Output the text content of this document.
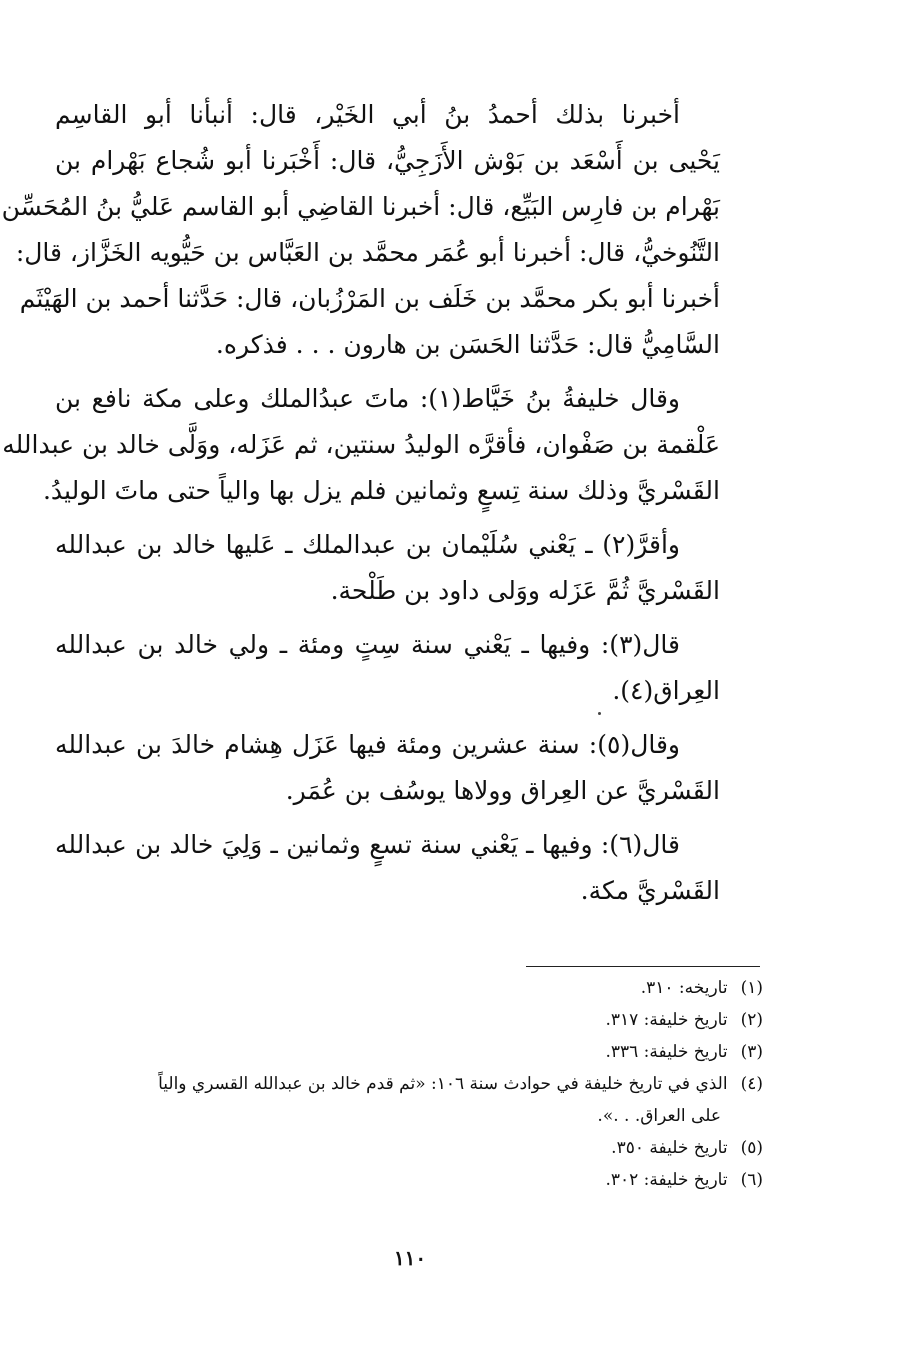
أخبرنا بذلك أحمدُ بنُ أبي الخَيْر، قال: أنبأنا أبو القاسِم
يَحْيى بن أَسْعَد بن بَوْش الأَزَجِيُّ، قال: أَخْبَرنا أبو شُجاع بَهْرام بن
بَهْرام بن فارِس البَيِّع، قال: أخبرنا القاضِي أبو القاسم عَليُّ بنُ المُحَسِّن
التَّنُوخيُّ، قال: أخبرنا أبو عُمَر محمَّد بن العَبَّاس بن حَيُّويه الخَزَّاز، قال:
أخبرنا أبو بكر محمَّد بن خَلَف بن المَرْزُبان، قال: حَدَّثنا أحمد بن الهَيْثَم
السَّامِيُّ قال: حَدَّثنا الحَسَن بن هارون . . . فذكره.

وقال خليفةُ بنُ خَيَّاط(١): ماتَ عبدُالملك وعلى مكة نافع بن
عَلْقمة بن صَفْوان، فأقرَّه الوليدُ سنتين، ثم عَزَله، ووَلَّى خالد بن عبدالله
القَسْريَّ وذلك سنة تِسعٍ وثمانين فلم يزل بها والياً حتى ماتَ الوليدُ.

وأقرَّ(٢) ـ يَعْني سُلَيْمان بن عبدالملك ـ عَليها خالد بن عبدالله
القَسْريَّ ثُمَّ عَزَله ووَلى داود بن طَلْحة.

قال(٣): وفيها ـ يَعْني سنة سِتٍ ومئة ـ ولي خالد بن عبدالله
العِراق(٤).

وقال(٥): سنة عشرين ومئة فيها عَزَل هِشام خالدَ بن عبدالله
القَسْريَّ عن العِراق وولاها يوسُف بن عُمَر.

قال(٦): وفيها ـ يَعْني سنة تسعٍ وثمانين ـ وَلِيَ خالد بن عبدالله
القَسْريَّ مكة.

(١) تاريخه: ٣١٠.
(٢) تاريخ خليفة: ٣١٧.
(٣) تاريخ خليفة: ٣٣٦.
(٤) الذي في تاريخ خليفة في حوادث سنة ١٠٦: «ثم قدم خالد بن عبدالله القسري والياً
على العراق. . .».
(٥) تاريخ خليفة ٣٥٠.
(٦) تاريخ خليفة: ٣٠٢.
١١٠
